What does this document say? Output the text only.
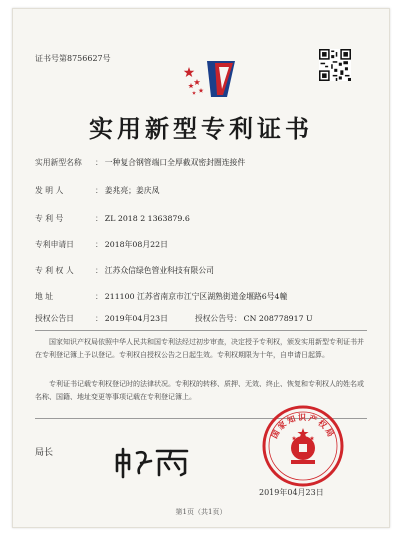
证书号第8756627号
实用新型专利证书
实用新型名称 ： 一种复合钢管端口全厚截双密封圈连接件
发 明 人	： 姜兆亮；姜庆凤
专 利 号	： ZL 2018 2 1363879.6
专利申请日	： 2018年08月22日
专 利 权 人	： 江苏众信绿色管业科技有限公司
地 址	： 211100 江苏省南京市江宁区湖熟街道金堰路6号4幢
授权公告日	： 2019年04月23日	授权公告号： CN 208778917 U
国家知识产权局依照中华人民共和国专利法经过初步审查，决定授予专利权，颁发实用新型专利证书并在专利登记簿上予以登记。专利权自授权公告之日起生效。专利权期限为十年，自申请日起算。
专利证书记载专利权登记时的法律状况。专利权的转移、质押、无效、终止、恢复和专利权人的姓名或名称、国籍、地址变更等事项记载在专利登记簿上。
局长
国家知识产权局
2019年04月23日
第1页（共1页）
